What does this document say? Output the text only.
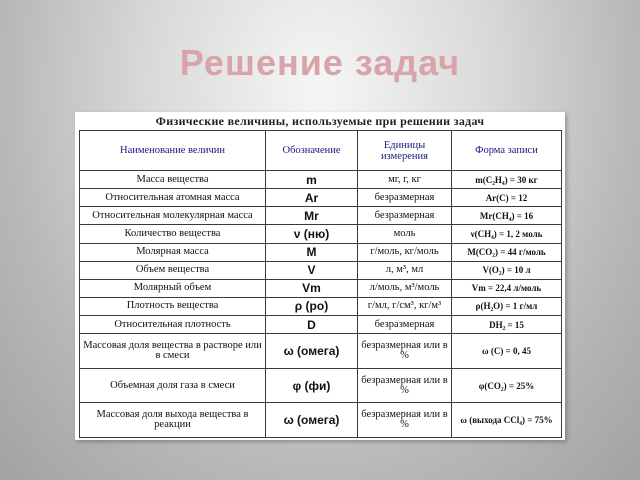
Решение задач
Физические величины, используемые при решении задач
Наименование величин	Обозначение	Единицы измерения	Форма записи
Масса вещества	m	мг, г, кг	m(C₂H₄) = 30 кг
Относительная атомная масса	Ar	безразмерная	Ar(C) = 12
Относительная молекулярная масса	Mr	безразмерная	Mr(CH₄) = 16
Количество вещества	ν (ню)	моль	ν(CH₄) = 1, 2 моль
Молярная масса	M	г/моль, кг/моль	M(CO₂) = 44 г/моль
Объем вещества	V	л, м³, мл	V(O₂) = 10 л
Молярный объем	Vm	л/моль, м³/моль	Vm = 22,4 л/моль
Плотность вещества	ρ (ро)	г/мл, г/см³, кг/м³	ρ(H₂O) = 1 г/мл
Относительная плотность	D	безразмерная	DH₂ = 15
Массовая доля вещества в растворе или в смеси	ω (омега)	безразмерная или в %	ω (C) = 0, 45
Объемная доля газа в смеси	φ (фи)	безразмерная или в %	φ(CO₂) = 25%
Массовая доля выхода вещества в реакции	ω (омега)	безразмерная или в %	ω (выхода CCl₄) = 75%
